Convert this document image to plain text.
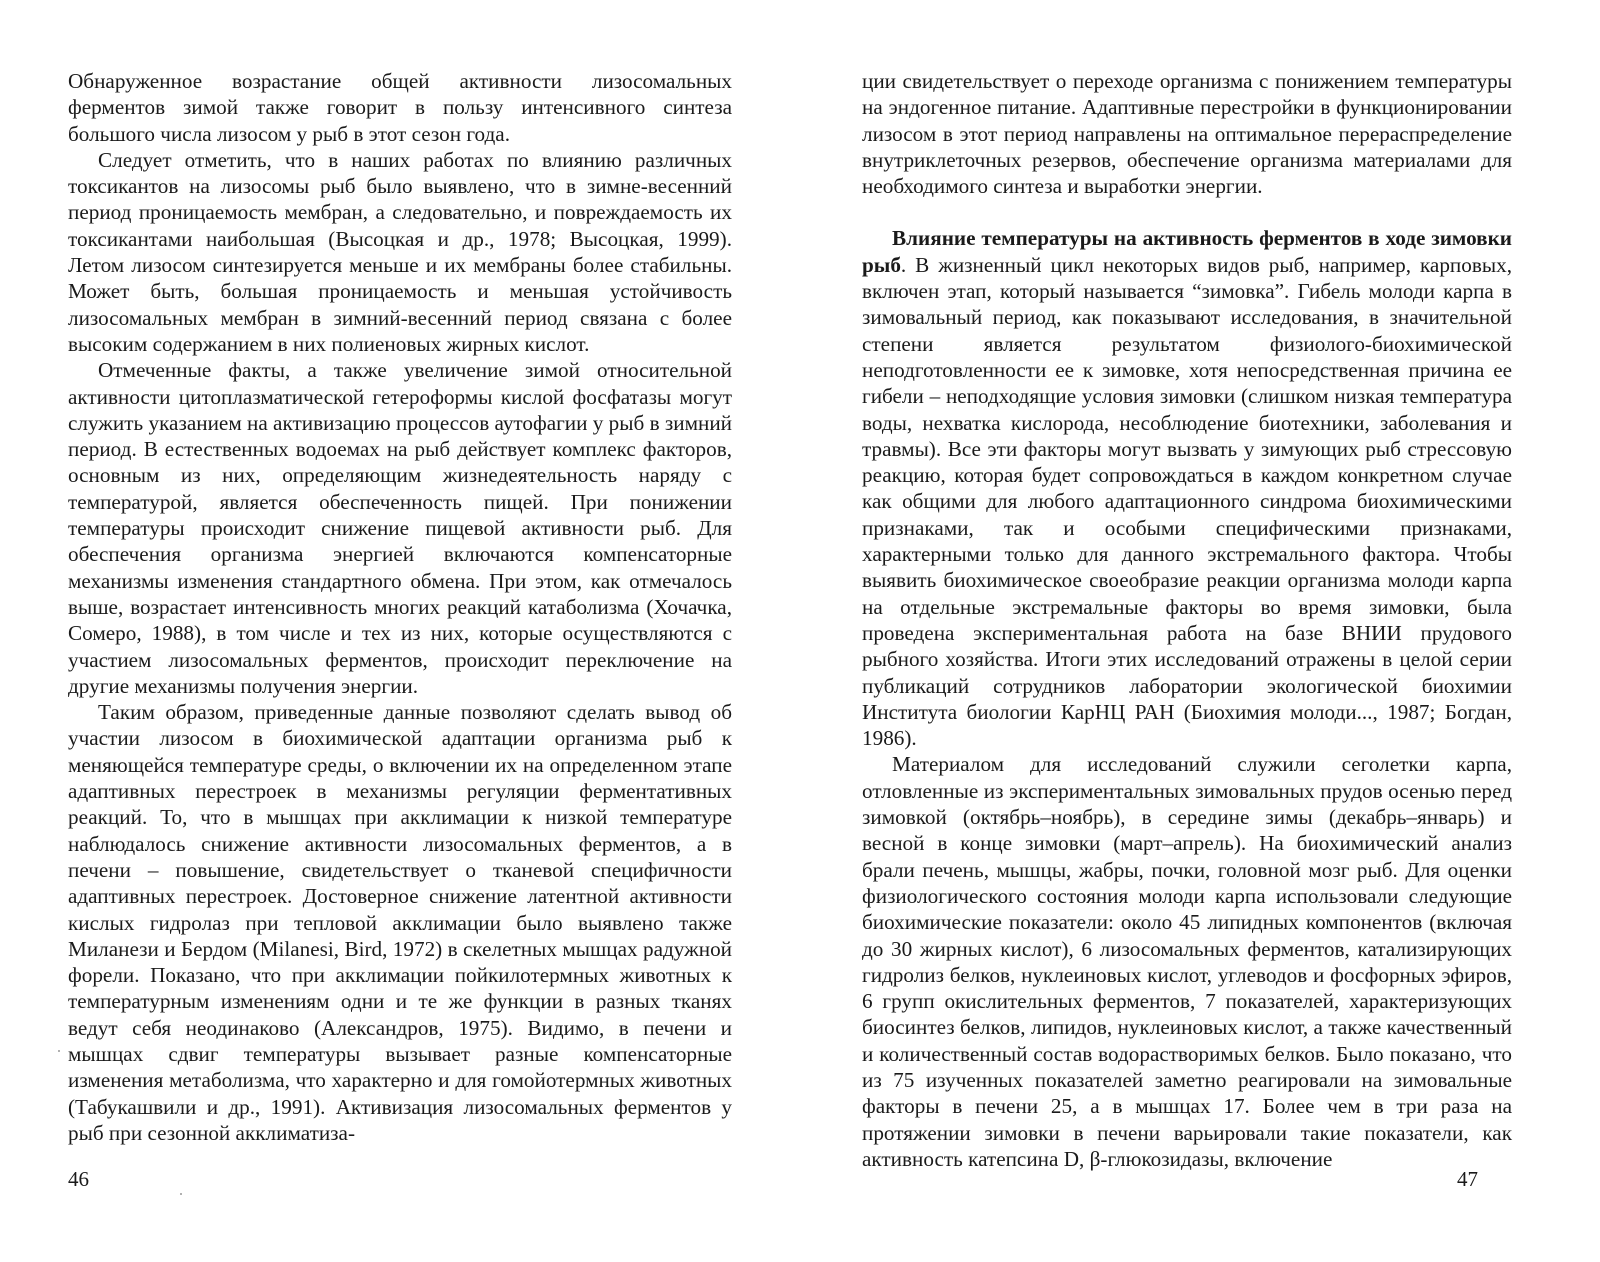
Обнаруженное возрастание общей активности лизосомальных ферментов зимой также говорит в пользу интенсивного синтеза большого числа лизосом у рыб в этот сезон года.

Следует отметить, что в наших работах по влиянию различных токсикантов на лизосомы рыб было выявлено, что в зимне-весенний период проницаемость мембран, а следовательно, и повреждаемость их токсикантами наибольшая (Высоцкая и др., 1978; Высоцкая, 1999). Летом лизосом синтезируется меньше и их мембраны более стабильны. Может быть, большая проницаемость и меньшая устойчивость лизосомальных мембран в зимний-весенний период связана с более высоким содержанием в них полиеновых жирных кислот.

Отмеченные факты, а также увеличение зимой относительной активности цитоплазматической гетероформы кислой фосфатазы могут служить указанием на активизацию процессов аутофагии у рыб в зимний период. В естественных водоемах на рыб действует комплекс факторов, основным из них, определяющим жизнедеятельность наряду с температурой, является обеспеченность пищей. При понижении температуры происходит снижение пищевой активности рыб. Для обеспечения организма энергией включаются компенсаторные механизмы изменения стандартного обмена. При этом, как отмечалось выше, возрастает интенсивность многих реакций катаболизма (Хочачка, Сомеро, 1988), в том числе и тех из них, которые осуществляются с участием лизосомальных ферментов, происходит переключение на другие механизмы получения энергии.

Таким образом, приведенные данные позволяют сделать вывод об участии лизосом в биохимической адаптации организма рыб к меняющейся температуре среды, о включении их на определенном этапе адаптивных перестроек в механизмы регуляции ферментативных реакций. То, что в мышцах при акклимации к низкой температуре наблюдалось снижение активности лизосомальных ферментов, а в печени – повышение, свидетельствует о тканевой специфичности адаптивных перестроек. Достоверное снижение латентной активности кислых гидролаз при тепловой акклимации было выявлено также Миланези и Бердом (Milanesi, Bird, 1972) в скелетных мышцах радужной форели. Показано, что при акклимации пойкилотермных животных к температурным изменениям одни и те же функции в разных тканях ведут себя неодинаково (Александров, 1975). Видимо, в печени и мышцах сдвиг температуры вызывает разные компенсаторные изменения метаболизма, что характерно и для гомойотермных животных (Табукашвили и др., 1991). Активизация лизосомальных ферментов у рыб при сезонной акклиматиза-

46

ции свидетельствует о переходе организма с понижением температуры на эндогенное питание. Адаптивные перестройки в функционировании лизосом в этот период направлены на оптимальное перераспределение внутриклеточных резервов, обеспечение организма материалами для необходимого синтеза и выработки энергии.

Влияние температуры на активность ферментов в ходе зимовки рыб. В жизненный цикл некоторых видов рыб, например, карповых, включен этап, который называется “зимовка”. Гибель молоди карпа в зимовальный период, как показывают исследования, в значительной степени является результатом физиолого-биохимической неподготовленности ее к зимовке, хотя непосредственная причина ее гибели – неподходящие условия зимовки (слишком низкая температура воды, нехватка кислорода, несоблюдение биотехники, заболевания и травмы). Все эти факторы могут вызвать у зимующих рыб стрессовую реакцию, которая будет сопровождаться в каждом конкретном случае как общими для любого адаптационного синдрома биохимическими признаками, так и особыми специфическими признаками, характерными только для данного экстремального фактора. Чтобы выявить биохимическое своеобразие реакции организма молоди карпа на отдельные экстремальные факторы во время зимовки, была проведена экспериментальная работа на базе ВНИИ прудового рыбного хозяйства. Итоги этих исследований отражены в целой серии публикаций сотрудников лаборатории экологической биохимии Института биологии КарНЦ РАН (Биохимия молоди..., 1987; Богдан, 1986).

Материалом для исследований служили сеголетки карпа, отловленные из экспериментальных зимовальных прудов осенью перед зимовкой (октябрь–ноябрь), в середине зимы (декабрь–январь) и весной в конце зимовки (март–апрель). На биохимический анализ брали печень, мышцы, жабры, почки, головной мозг рыб. Для оценки физиологического состояния молоди карпа использовали следующие биохимические показатели: около 45 липидных компонентов (включая до 30 жирных кислот), 6 лизосомальных ферментов, катализирующих гидролиз белков, нуклеиновых кислот, углеводов и фосфорных эфиров, 6 групп окислительных ферментов, 7 показателей, характеризующих биосинтез белков, липидов, нуклеиновых кислот, а также качественный и количественный состав водорастворимых белков. Было показано, что из 75 изученных показателей заметно реагировали на зимовальные факторы в печени 25, а в мышцах 17. Более чем в три раза на протяжении зимовки в печени варьировали такие показатели, как активность катепсина D, β-глюкозидазы, включение

47
